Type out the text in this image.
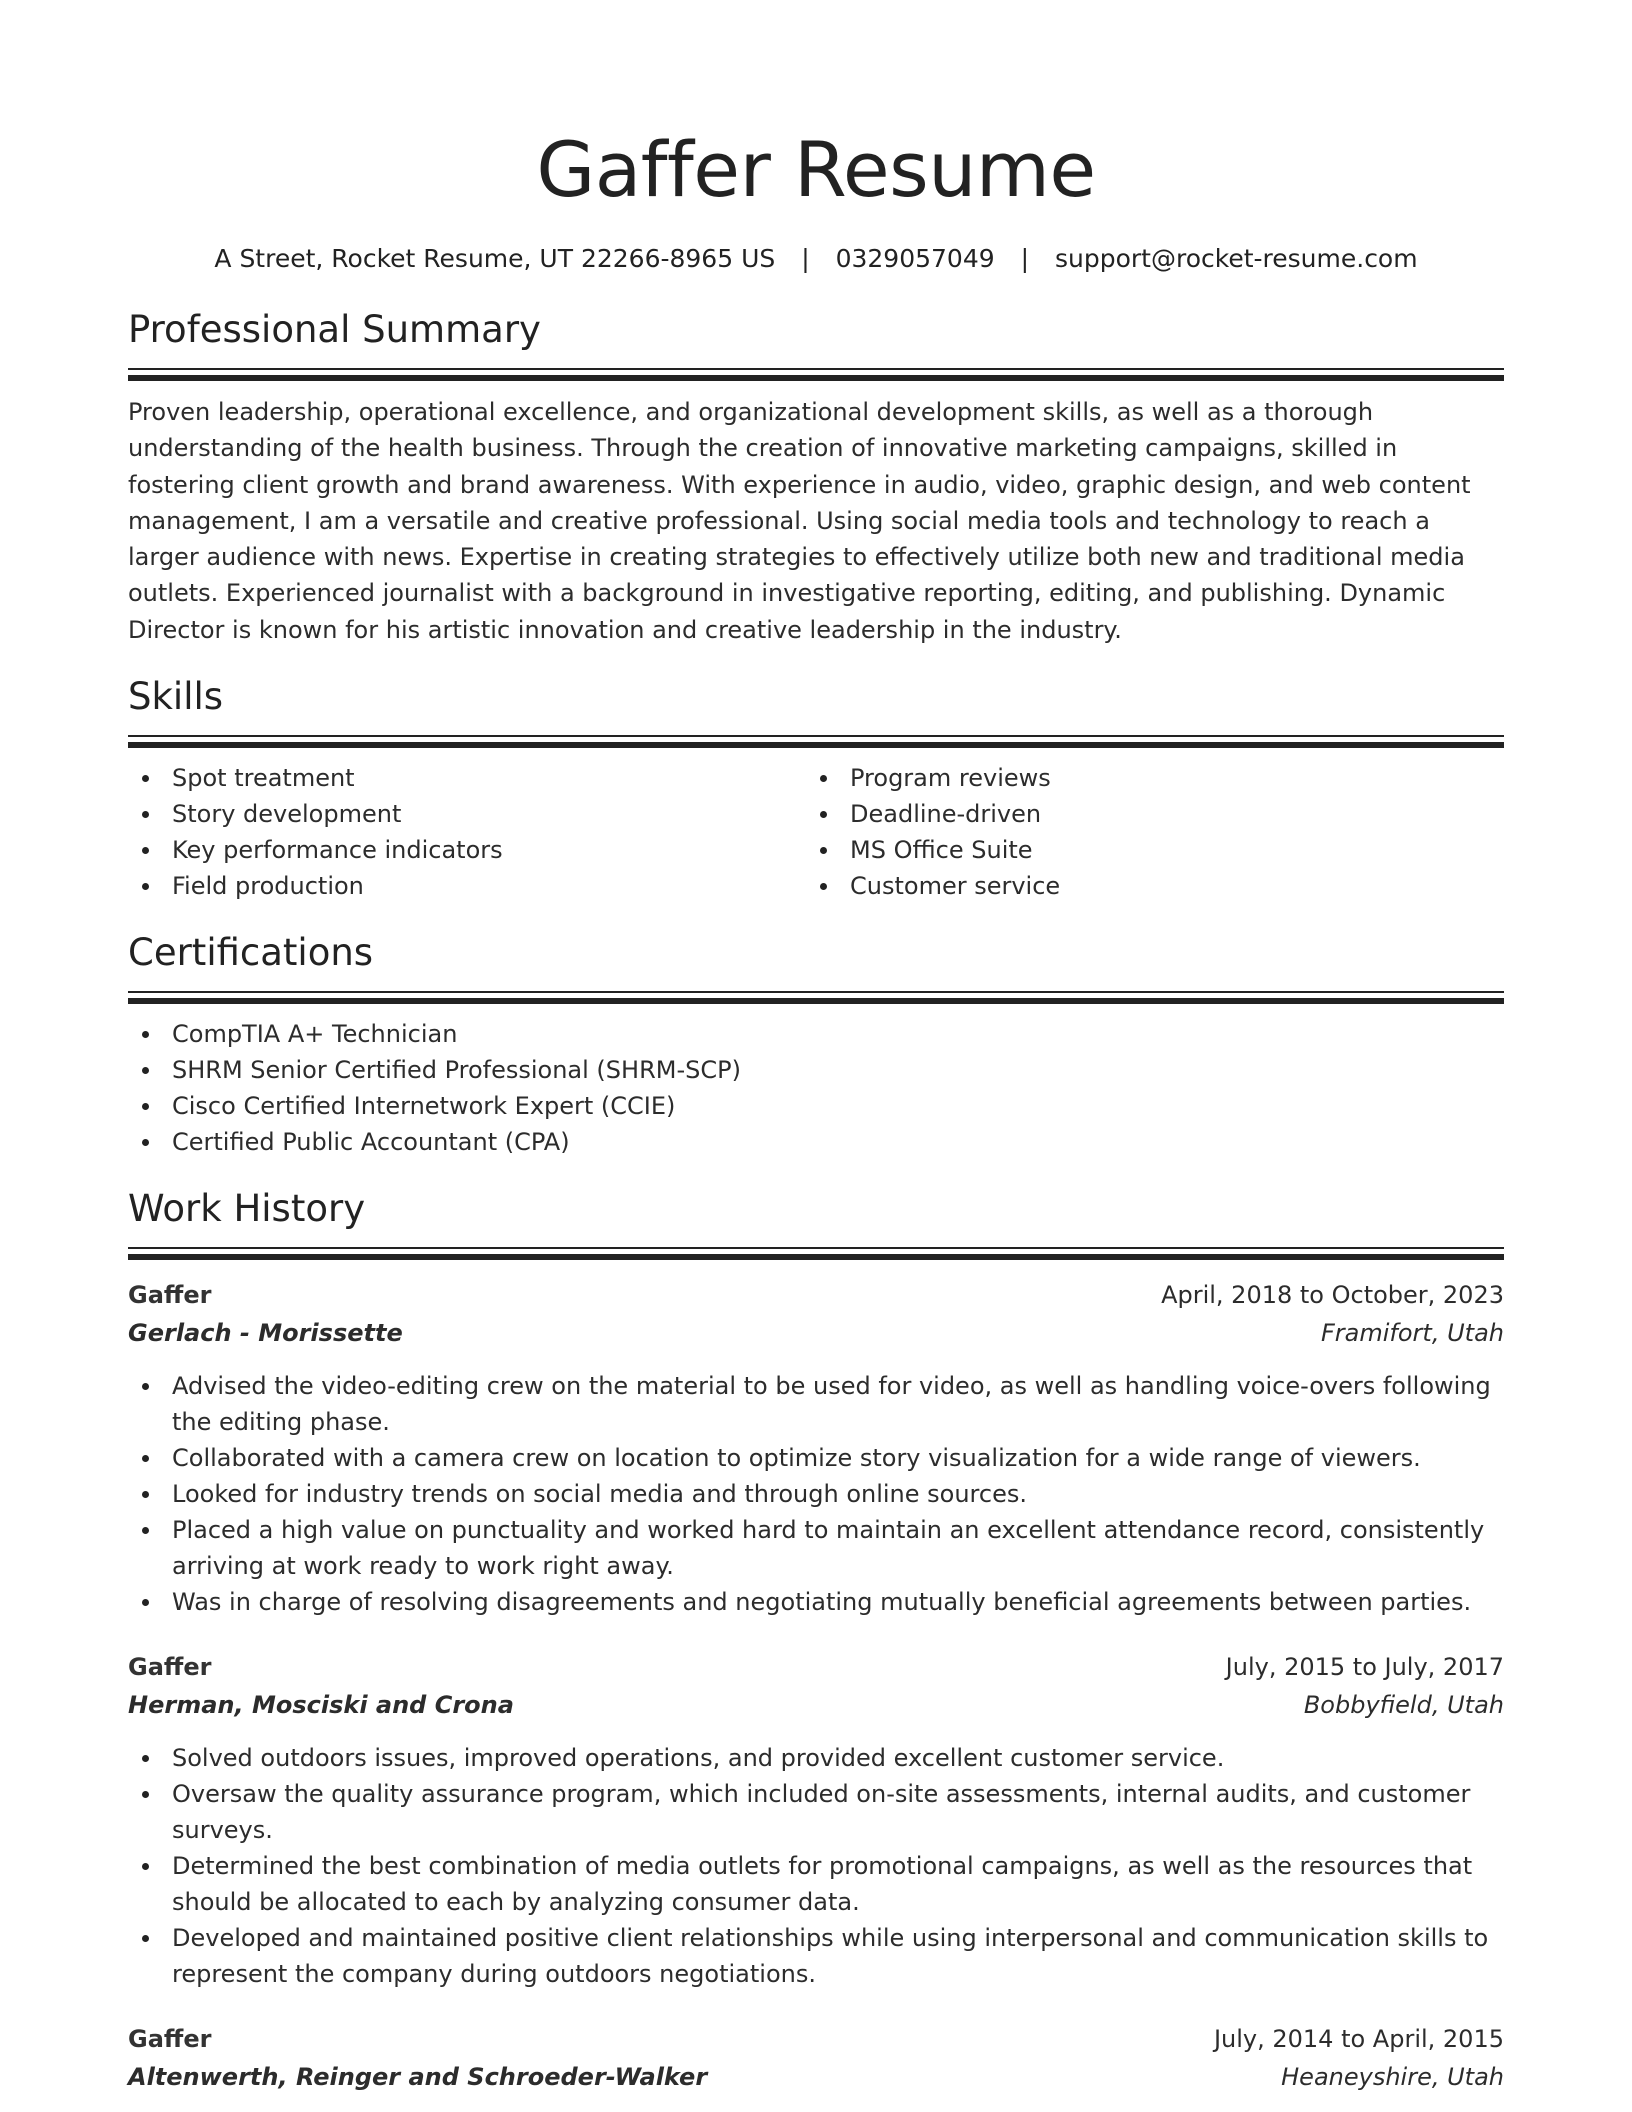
Gaffer Resume
A Street, Rocket Resume, UT 22266-8965 US | 0329057049 | support@rocket-resume.com
Professional Summary

Proven leadership, operational excellence, and organizational development skills, as well as a thorough understanding of the health business. Through the creation of innovative marketing campaigns, skilled in fostering client growth and brand awareness. With experience in audio, video, graphic design, and web content management, I am a versatile and creative professional. Using social media tools and technology to reach a larger audience with news. Expertise in creating strategies to effectively utilize both new and traditional media outlets. Experienced journalist with a background in investigative reporting, editing, and publishing. Dynamic Director is known for his artistic innovation and creative leadership in the industry.

Skills
Spot treatment
Story development
Key performance indicators
Field production
Program reviews
Deadline-driven
MS Office Suite
Customer service
Certifications
CompTIA A+ Technician
SHRM Senior Certified Professional (SHRM-SCP)
Cisco Certified Internetwork Expert (CCIE)
Certified Public Accountant (CPA)
Work History
Gaffer	April, 2018 to October, 2023
Gerlach - Morissette	Framifort, Utah
Advised the video-editing crew on the material to be used for video, as well as handling voice-overs following the editing phase.
Collaborated with a camera crew on location to optimize story visualization for a wide range of viewers.
Looked for industry trends on social media and through online sources.
Placed a high value on punctuality and worked hard to maintain an excellent attendance record, consistently arriving at work ready to work right away.
Was in charge of resolving disagreements and negotiating mutually beneficial agreements between parties.
Gaffer	July, 2015 to July, 2017
Herman, Mosciski and Crona	Bobbyfield, Utah
Solved outdoors issues, improved operations, and provided excellent customer service.
Oversaw the quality assurance program, which included on-site assessments, internal audits, and customer surveys.
Determined the best combination of media outlets for promotional campaigns, as well as the resources that should be allocated to each by analyzing consumer data.
Developed and maintained positive client relationships while using interpersonal and communication skills to represent the company during outdoors negotiations.
Gaffer	July, 2014 to April, 2015
Altenwerth, Reinger and Schroeder-Walker	Heaneyshire, Utah
